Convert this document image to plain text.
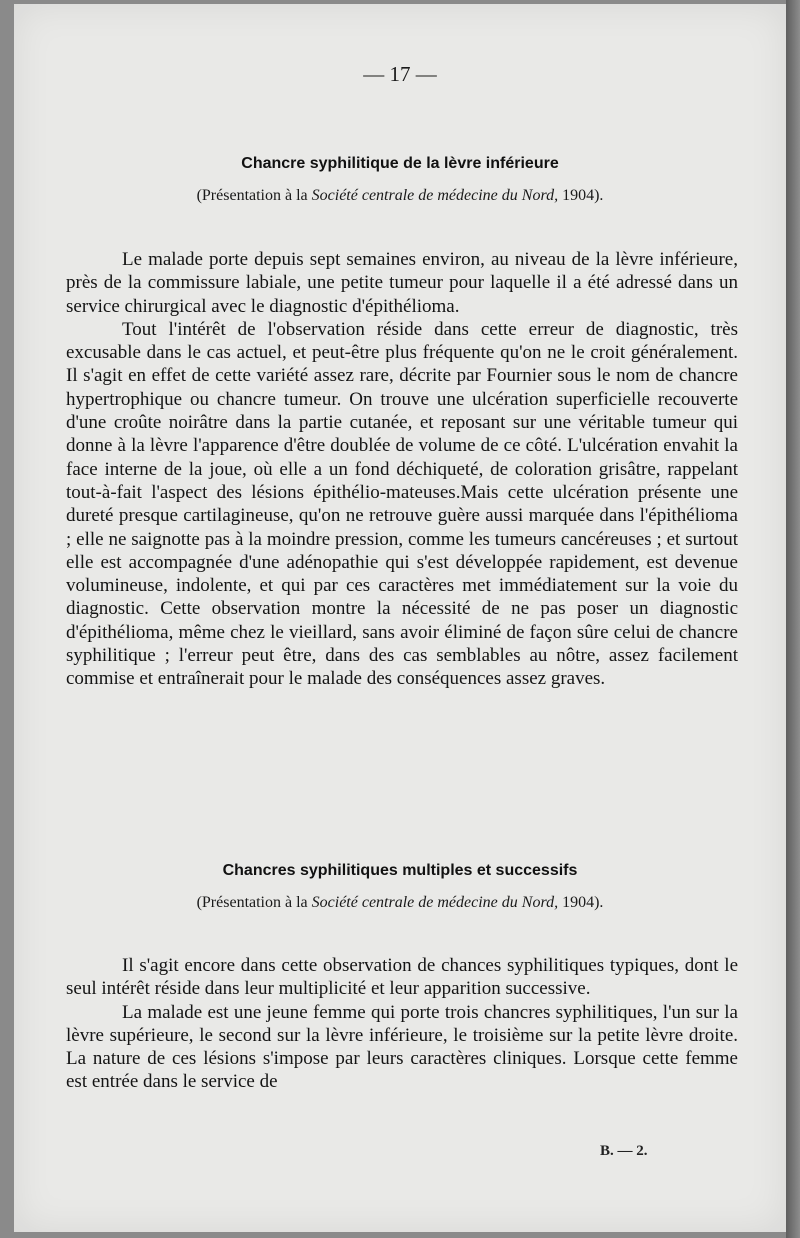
— 17 —
Chancre syphilitique de la lèvre inférieure
(Présentation à la Société centrale de médecine du Nord, 1904).

Le malade porte depuis sept semaines environ, au niveau de la lèvre inférieure, près de la commissure labiale, une petite tumeur pour laquelle il a été adressé dans un service chirurgical avec le diagnostic d'épithélioma.

Tout l'intérêt de l'observation réside dans cette erreur de diagnostic, très excusable dans le cas actuel, et peut-être plus fréquente qu'on ne le croit généralement. Il s'agit en effet de cette variété assez rare, décrite par Fournier sous le nom de chancre hypertrophique ou chancre tumeur. On trouve une ulcération superficielle recouverte d'une croûte noirâtre dans la partie cutanée, et reposant sur une véritable tumeur qui donne à la lèvre l'apparence d'être doublée de volume de ce côté. L'ulcération envahit la face interne de la joue, où elle a un fond déchiqueté, de coloration grisâtre, rappelant tout-à-fait l'aspect des lésions épithélio-mateuses.Mais cette ulcération présente une dureté presque cartilagineuse, qu'on ne retrouve guère aussi marquée dans l'épithélioma ; elle ne saignotte pas à la moindre pression, comme les tumeurs cancéreuses ; et surtout elle est accompagnée d'une adénopathie qui s'est développée rapidement, est devenue volumineuse, indolente, et qui par ces caractères met immédiatement sur la voie du diagnostic. Cette observation montre la nécessité de ne pas poser un diagnostic d'épithélioma, même chez le vieillard, sans avoir éliminé de façon sûre celui de chancre syphilitique ; l'erreur peut être, dans des cas semblables au nôtre, assez facilement commise et entraînerait pour le malade des conséquences assez graves.

Chancres syphilitiques multiples et successifs
(Présentation à la Société centrale de médecine du Nord, 1904).

Il s'agit encore dans cette observation de chances syphilitiques typiques, dont le seul intérêt réside dans leur multiplicité et leur apparition successive.

La malade est une jeune femme qui porte trois chancres syphilitiques, l'un sur la lèvre supérieure, le second sur la lèvre inférieure, le troisième sur la petite lèvre droite. La nature de ces lésions s'impose par leurs caractères cliniques. Lorsque cette femme est entrée dans le service de

B. — 2.
